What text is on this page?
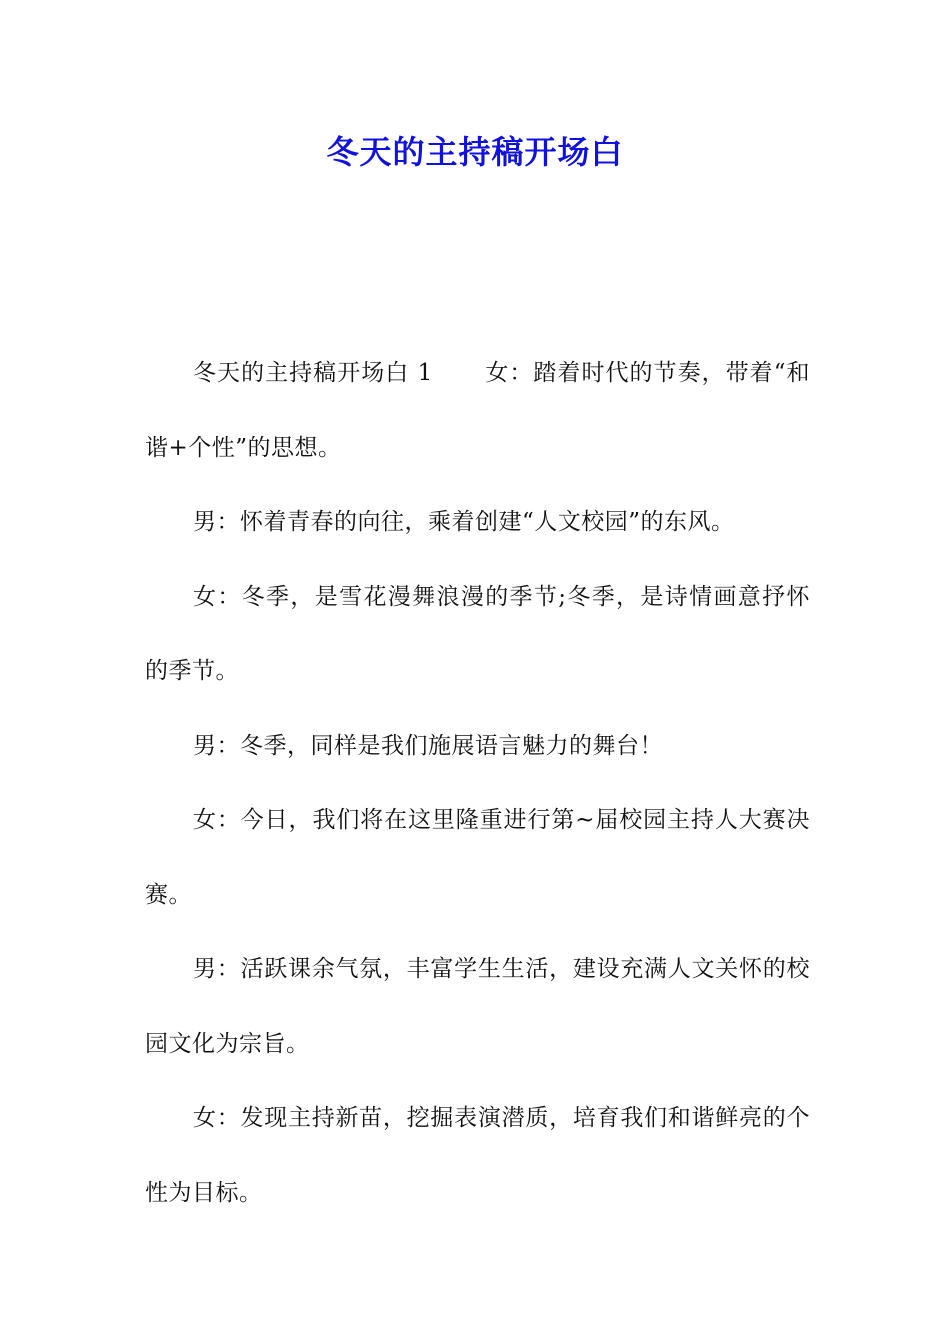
冬天的主持稿开场白

冬天的主持稿开场白 1 女：踏着时代的节奏，带着“和谐+个性”的思想。

男：怀着青春的向往，乘着创建“人文校园”的东风。

女：冬季，是雪花漫舞浪漫的季节;冬季，是诗情画意抒怀的季节。

男：冬季，同样是我们施展语言魅力的舞台！

女：今日，我们将在这里隆重进行第~届校园主持人大赛决赛。

男：活跃课余气氛，丰富学生生活，建设充满人文关怀的校园文化为宗旨。

女：发现主持新苗，挖掘表演潜质，培育我们和谐鲜亮的个性为目标。
